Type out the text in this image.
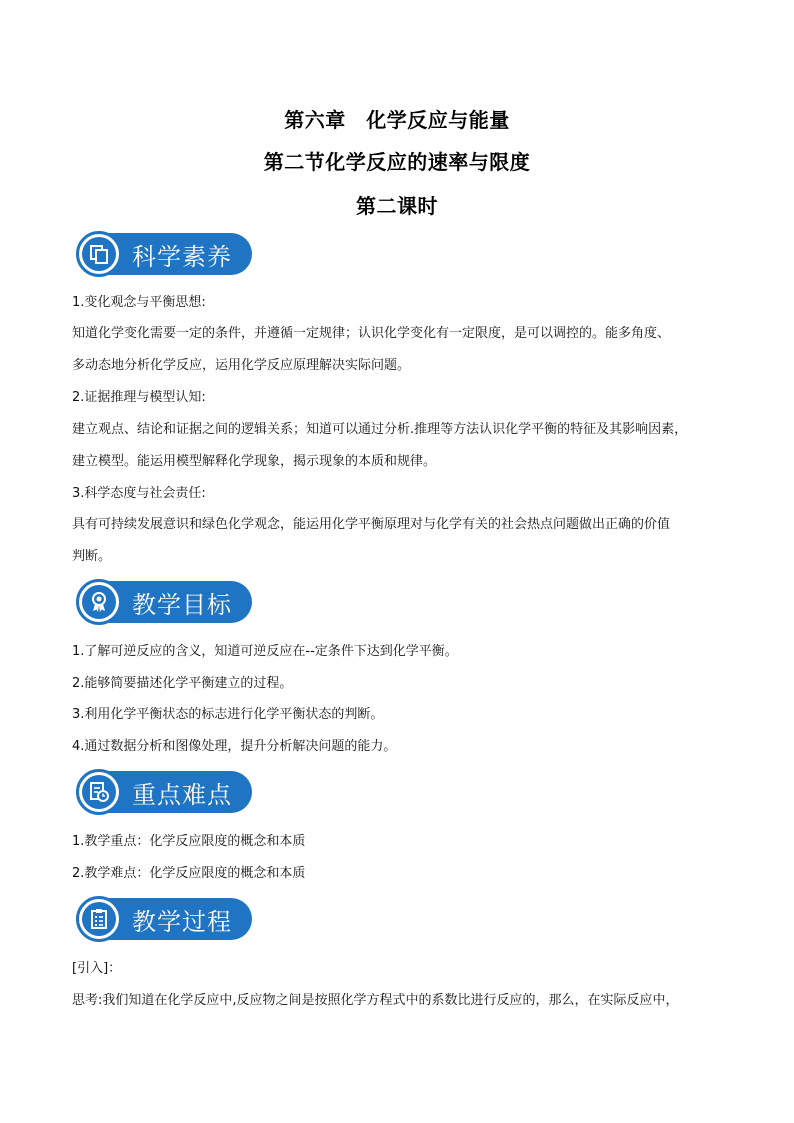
第六章　化学反应与能量
第二节化学反应的速率与限度
第二课时
科学素养
1.变化观念与平衡思想:
知道化学变化需要一定的条件，并遵循一定规律；认识化学变化有一定限度，是可以调控的。能多角度、
多动态地分析化学反应，运用化学反应原理解决实际问题。
2.证据推理与模型认知:
建立观点、结论和证据之间的逻辑关系；知道可以通过分析.推理等方法认识化学平衡的特征及其影响因素，
建立模型。能运用模型解释化学现象，揭示现象的本质和规律。
3.科学态度与社会责任:
具有可持续发展意识和绿色化学观念，能运用化学平衡原理对与化学有关的社会热点问题做出正确的价值
判断。
教学目标
1.了解可逆反应的含义，知道可逆反应在--定条件下达到化学平衡。
2.能够简要描述化学平衡建立的过程。
3.利用化学平衡状态的标志进行化学平衡状态的判断。
4.通过数据分析和图像处理，提升分析解决问题的能力。
重点难点
1.教学重点：化学反应限度的概念和本质
2.教学难点：化学反应限度的概念和本质
教学过程
[引入]：
思考:我们知道在化学反应中,反应物之间是按照化学方程式中的系数比进行反应的，那么，在实际反应中，
